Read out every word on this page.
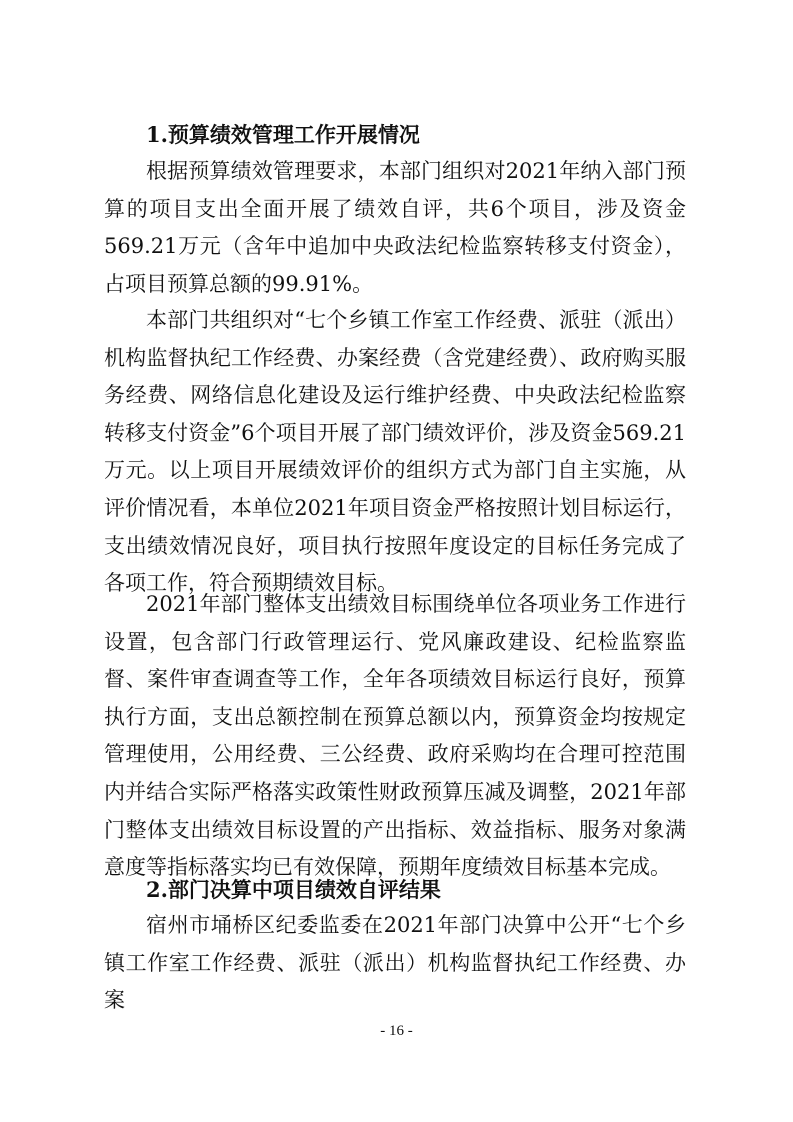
1.预算绩效管理工作开展情况

根据预算绩效管理要求，本部门组织对2021年纳入部门预算的项目支出全面开展了绩效自评，共6个项目，涉及资金569.21万元（含年中追加中央政法纪检监察转移支付资金），占项目预算总额的99.91%。

本部门共组织对“七个乡镇工作室工作经费、派驻（派出）机构监督执纪工作经费、办案经费（含党建经费）、政府购买服务经费、网络信息化建设及运行维护经费、中央政法纪检监察转移支付资金”6个项目开展了部门绩效评价，涉及资金569.21万元。以上项目开展绩效评价的组织方式为部门自主实施，从评价情况看，本单位2021年项目资金严格按照计划目标运行，支出绩效情况良好，项目执行按照年度设定的目标任务完成了各项工作，符合预期绩效目标。

2021年部门整体支出绩效目标围绕单位各项业务工作进行设置，包含部门行政管理运行、党风廉政建设、纪检监察监督、案件审查调查等工作，全年各项绩效目标运行良好，预算执行方面，支出总额控制在预算总额以内，预算资金均按规定管理使用，公用经费、三公经费、政府采购均在合理可控范围内并结合实际严格落实政策性财政预算压减及调整，2021年部门整体支出绩效目标设置的产出指标、效益指标、服务对象满意度等指标落实均已有效保障，预期年度绩效目标基本完成。

2.部门决算中项目绩效自评结果

宿州市埇桥区纪委监委在2021年部门决算中公开“七个乡镇工作室工作经费、派驻（派出）机构监督执纪工作经费、办案

- 16 -
